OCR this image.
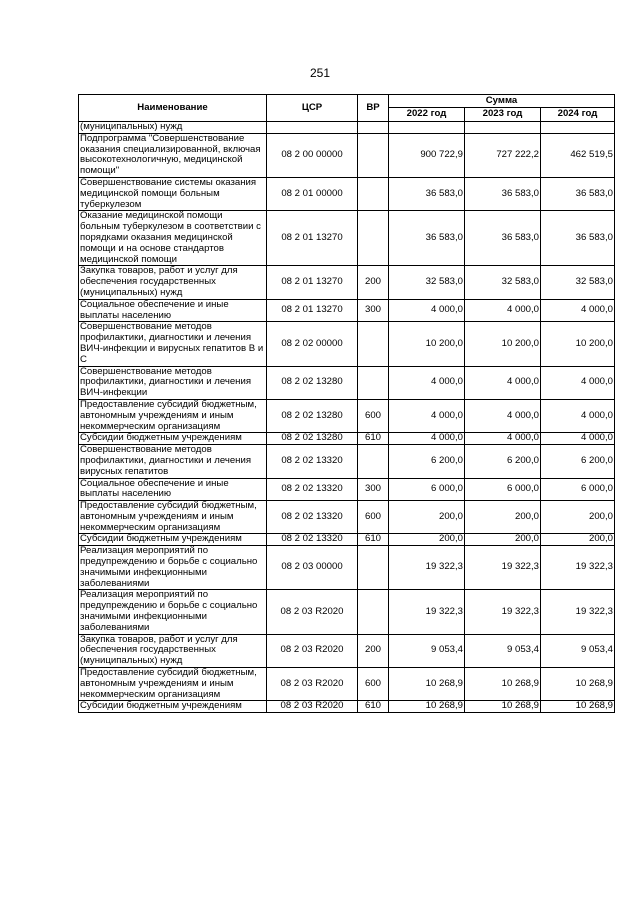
251
Наименование	ЦСР	ВР	Сумма		
			2022 год	2023 год	2024 год
(муниципальных) нужд					
Подпрограмма "Совершенствование оказания специализированной, включая высокотехнологичную, медицинской помощи"	08 2 00 00000		900 722,9	727 222,2	462 519,5
Совершенствование системы оказания медицинской помощи больным туберкулезом	08 2 01 00000		36 583,0	36 583,0	36 583,0
Оказание медицинской помощи больным туберкулезом в соответствии с порядками оказания медицинской помощи и на основе стандартов медицинской помощи	08 2 01 13270		36 583,0	36 583,0	36 583,0
Закупка товаров, работ и услуг для обеспечения государственных (муниципальных) нужд	08 2 01 13270	200	32 583,0	32 583,0	32 583,0
Социальное обеспечение и иные выплаты населению	08 2 01 13270	300	4 000,0	4 000,0	4 000,0
Совершенствование методов профилактики, диагностики и лечения ВИЧ-инфекции и вирусных гепатитов В и С	08 2 02 00000		10 200,0	10 200,0	10 200,0
Совершенствование методов профилактики, диагностики и лечения ВИЧ-инфекции	08 2 02 13280		4 000,0	4 000,0	4 000,0
Предоставление субсидий бюджетным, автономным учреждениям и иным некоммерческим организациям	08 2 02 13280	600	4 000,0	4 000,0	4 000,0
Субсидии бюджетным учреждениям	08 2 02 13280	610	4 000,0	4 000,0	4 000,0
Совершенствование методов профилактики, диагностики и лечения вирусных гепатитов	08 2 02 13320		6 200,0	6 200,0	6 200,0
Социальное обеспечение и иные выплаты населению	08 2 02 13320	300	6 000,0	6 000,0	6 000,0
Предоставление субсидий бюджетным, автономным учреждениям и иным некоммерческим организациям	08 2 02 13320	600	200,0	200,0	200,0
Субсидии бюджетным учреждениям	08 2 02 13320	610	200,0	200,0	200,0
Реализация мероприятий по предупреждению и борьбе с социально значимыми инфекционными заболеваниями	08 2 03 00000		19 322,3	19 322,3	19 322,3
Реализация мероприятий по предупреждению и борьбе с социально значимыми инфекционными заболеваниями	08 2 03 R2020		19 322,3	19 322,3	19 322,3
Закупка товаров, работ и услуг для обеспечения государственных (муниципальных) нужд	08 2 03 R2020	200	9 053,4	9 053,4	9 053,4
Предоставление субсидий бюджетным, автономным учреждениям и иным некоммерческим организациям	08 2 03 R2020	600	10 268,9	10 268,9	10 268,9
Субсидии бюджетным учреждениям	08 2 03 R2020	610	10 268,9	10 268,9	10 268,9
